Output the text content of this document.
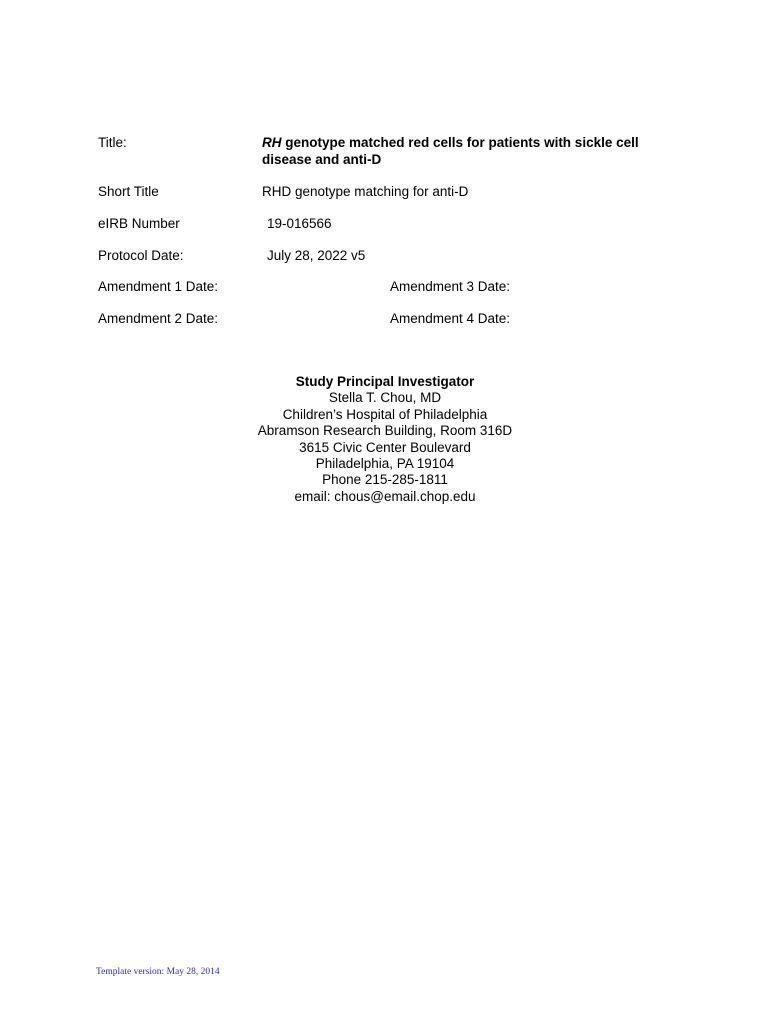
Title:	RH genotype matched red cells for patients with sickle cell disease and anti-D
Short Title	RHD genotype matching for anti-D
eIRB Number	19-016566
Protocol Date:	July 28, 2022 v5
Amendment 1 Date:	Amendment 3 Date:
Amendment 2 Date:	Amendment 4 Date:
Study Principal Investigator
Stella T. Chou, MD
Children’s Hospital of Philadelphia
Abramson Research Building, Room 316D
3615 Civic Center Boulevard
Philadelphia, PA 19104
Phone 215-285-1811
email: chous@email.chop.edu
Template version: May 28, 2014
